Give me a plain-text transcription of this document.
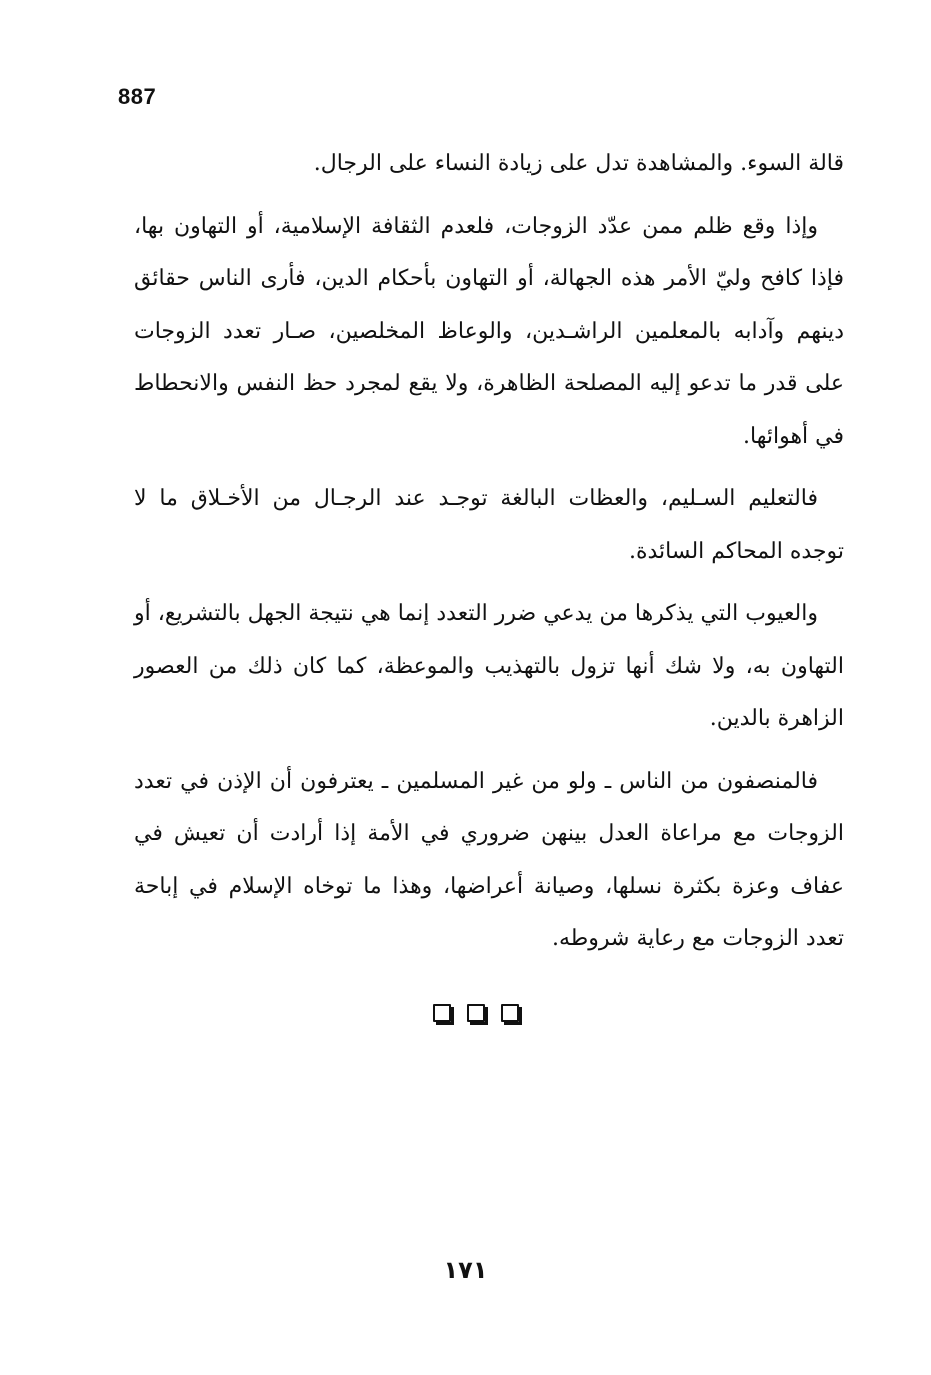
887

قالة السوء. والمشاهدة تدل على زيادة النساء على الرجال.

وإذا وقع ظلم ممن عدّد الزوجات، فلعدم الثقافة الإسلامية، أو التهاون بها، فإذا كافح وليّ الأمر هذه الجهالة، أو التهاون بأحكام الدين، فأرى الناس حقائق دينهم وآدابه بالمعلمين الراشـدين، والوعاظ المخلصين، صـار تعدد الزوجات على قدر ما تدعو إليه المصلحة الظاهرة، ولا يقع لمجرد حظ النفس والانحطاط في أهوائها.

فالتعليم السـليم، والعظات البالغة توجـد عند الرجـال من الأخـلاق ما لا توجده المحاكم السائدة.

والعيوب التي يذكرها من يدعي ضرر التعدد إنما هي نتيجة الجهل بالتشريع، أو التهاون به، ولا شك أنها تزول بالتهذيب والموعظة، كما كان ذلك من العصور الزاهرة بالدين.

فالمنصفون من الناس ـ ولو من غير المسلمين ـ يعترفون أن الإذن في تعدد الزوجات مع مراعاة العدل بينهن ضروري في الأمة إذا أرادت أن تعيش في عفاف وعزة بكثرة نسلها، وصيانة أعراضها، وهذا ما توخاه الإسلام في إباحة تعدد الزوجات مع رعاية شروطه.

١٧١
